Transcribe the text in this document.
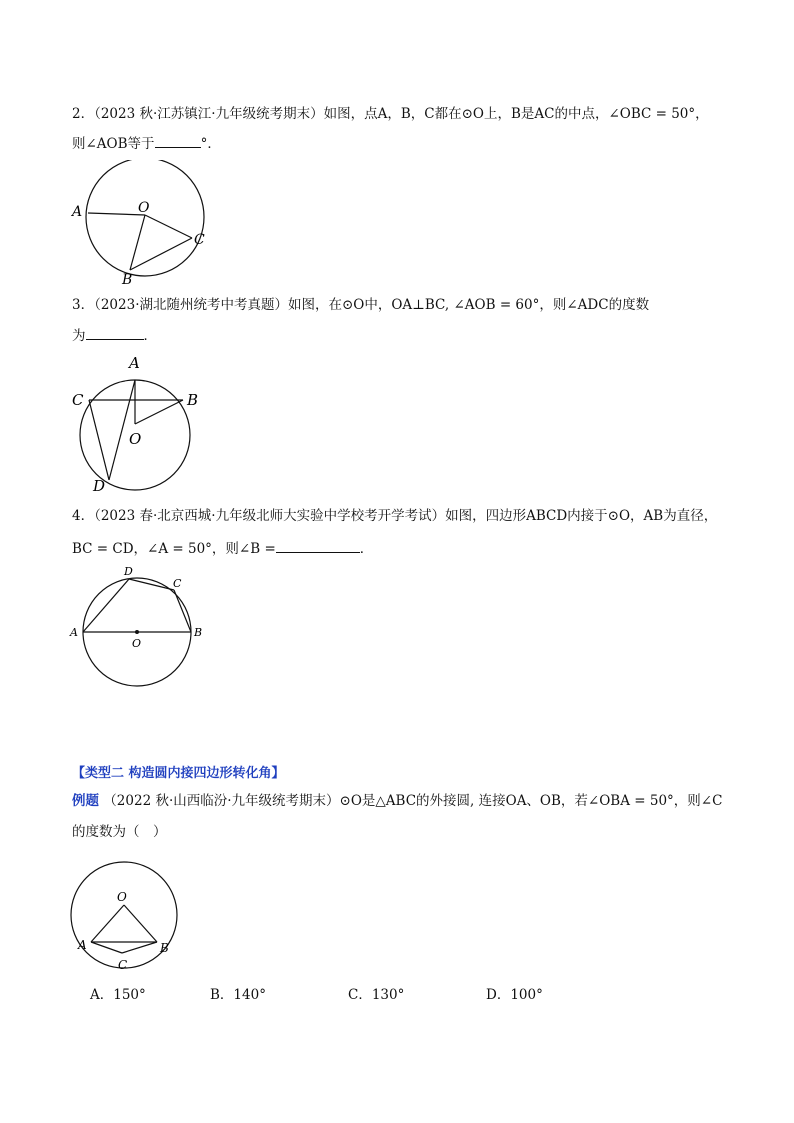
2．（2023 秋·江苏镇江·九年级统考期末）如图，点A，B，C都在⊙O上，B是AC的中点，∠OBC = 50°，
则∠AOB等于	°．
A	O
C
B
3．（2023·湖北随州统考中考真题）如图，在⊙O中，OA⊥BC, ∠AOB = 60°，则∠ADC的度数
为	．
A
B
C
O
D
4．（2023 春·北京西城·九年级北师大实验中学校考开学考试）如图，四边形ABCD内接于⊙O，AB为直径，
BC = CD，∠A = 50°，则∠B =	．
A	B
C
D
O
【类型二 构造圆内接四边形转化角】
例题 （2022 秋·山西临汾·九年级统考期末）⊙O是△ABC的外接圆, 连接OA、OB，若∠OBA = 50°，则∠C
的度数为（　）
O
A	B
C
A．150°	B．140°	C．130°	D．100°
